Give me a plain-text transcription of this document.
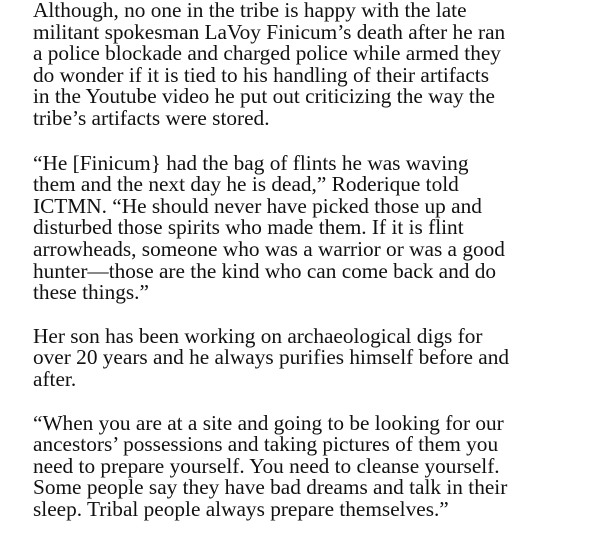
Although, no one in the tribe is happy with the late
militant spokesman LaVoy Finicum’s death after he ran
a police blockade and charged police while armed they
do wonder if it is tied to his handling of their artifacts
in the Youtube video he put out criticizing the way the
tribe’s artifacts were stored.

“He [Finicum} had the bag of flints he was waving
them and the next day he is dead,” Roderique told
ICTMN. “He should never have picked those up and
disturbed those spirits who made them. If it is flint
arrowheads, someone who was a warrior or was a good
hunter—those are the kind who can come back and do
these things.”

Her son has been working on archaeological digs for
over 20 years and he always purifies himself before and
after.

“When you are at a site and going to be looking for our
ancestors’ possessions and taking pictures of them you
need to prepare yourself. You need to cleanse yourself.
Some people say they have bad dreams and talk in their
sleep. Tribal people always prepare themselves.”
